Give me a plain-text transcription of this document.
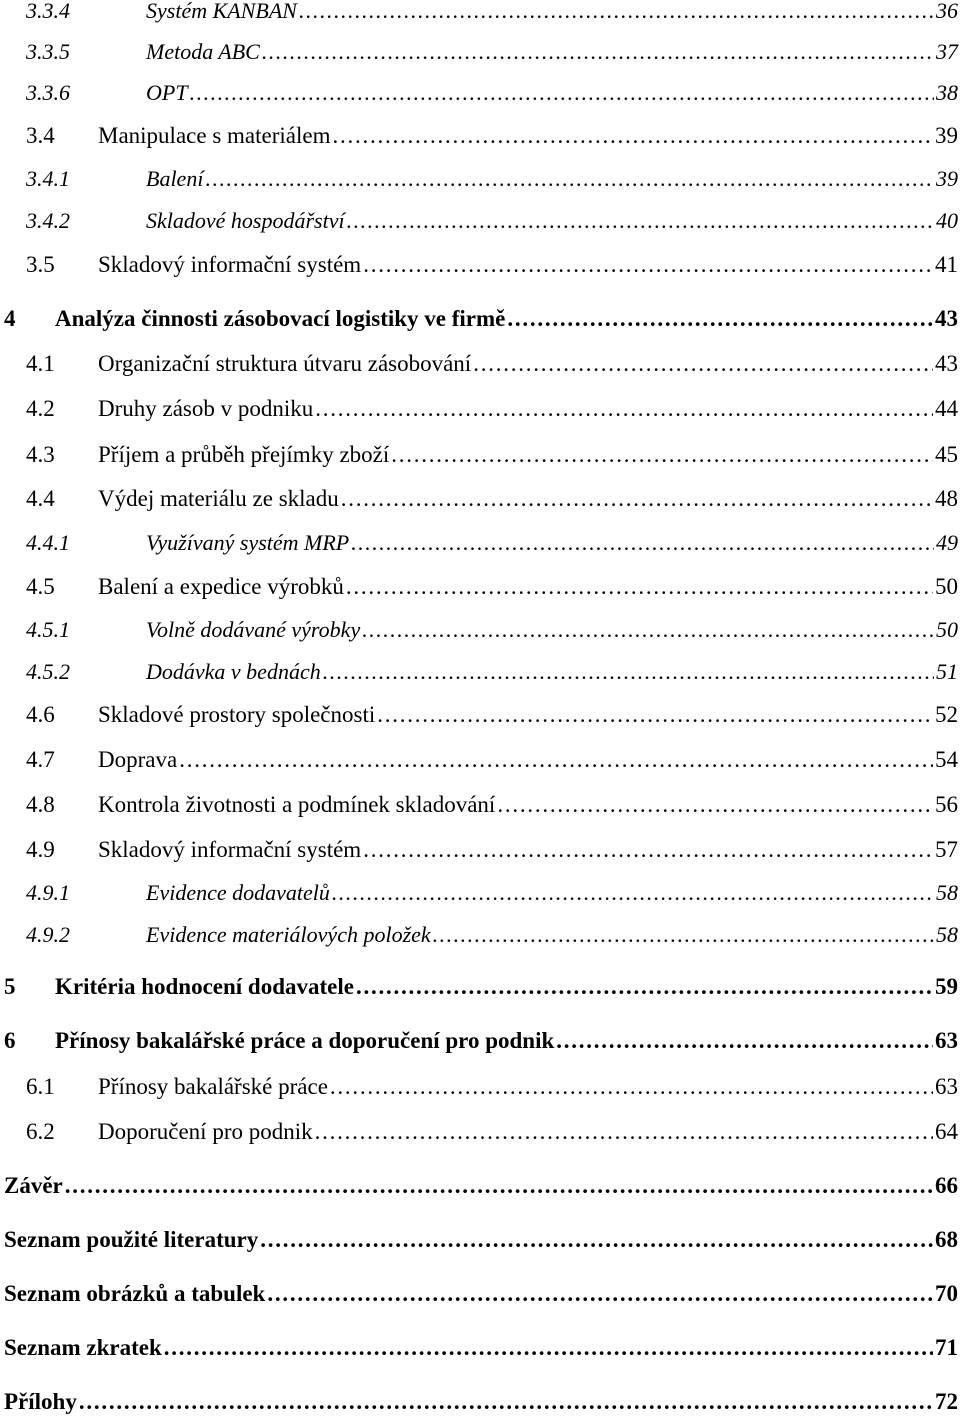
3.3.4	Systém KANBAN . . .	36
3.3.5	Metoda ABC . . .	37
3.3.6	OPT . . .	38
3.4	Manipulace s materiálem . . .	39
3.4.1	Balení . . .	39
3.4.2	Skladové hospodářství . . .	40
3.5	Skladový informační systém . . .	41
4	Analýza činnosti zásobovací logistiky ve firmě . . .	43
4.1	Organizační struktura útvaru zásobování . . .	43
4.2	Druhy zásob v podniku . . .	44
4.3	Příjem a průběh přejímky zboží . . .	45
4.4	Výdej materiálu ze skladu . . .	48
4.4.1	Využívaný systém MRP . . .	49
4.5	Balení a expedice výrobků . . .	50
4.5.1	Volně dodávané výrobky . . .	50
4.5.2	Dodávka v bednách . . .	51
4.6	Skladové prostory společnosti . . .	52
4.7	Doprava . . .	54
4.8	Kontrola životnosti a podmínek skladování . . .	56
4.9	Skladový informační systém . . .	57
4.9.1	Evidence dodavatelů . . .	58
4.9.2	Evidence materiálových položek . . .	58
5	Kritéria hodnocení dodavatele . . .	59
6	Přínosy bakalářské práce a doporučení pro podnik . . .	63
6.1	Přínosy bakalářské práce . . .	63
6.2	Doporučení pro podnik . . .	64
Závěr . . .	66
Seznam použité literatury . . .	68
Seznam obrázků a tabulek . . .	70
Seznam zkratek . . .	71
Přílohy . . .	72
